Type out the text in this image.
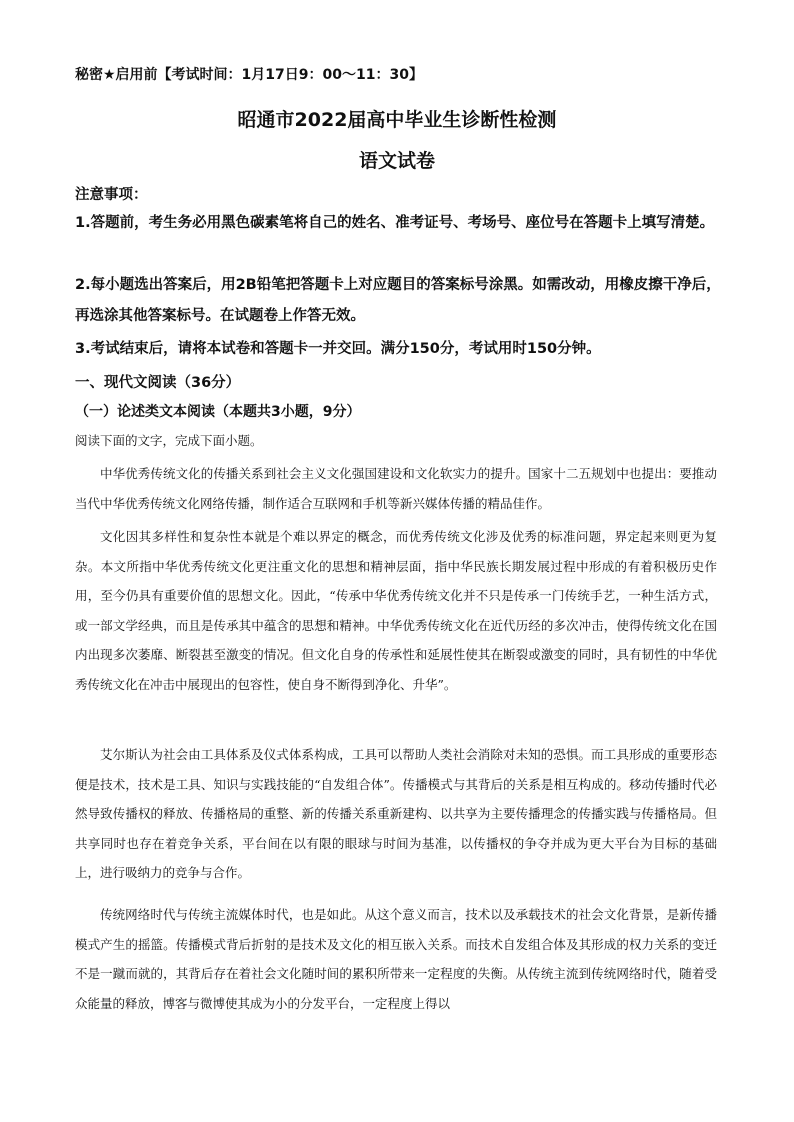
秘密★启用前【考试时间：1月17日9：00～11：30】
昭通市2022届高中毕业生诊断性检测
语文试卷
注意事项：
1.答题前，考生务必用黑色碳素笔将自己的姓名、准考证号、考场号、座位号在答题卡上填写清楚。
2.每小题选出答案后，用2B铅笔把答题卡上对应题目的答案标号涂黑。如需改动，用橡皮擦干净后，再选涂其他答案标号。在试题卷上作答无效。
3.考试结束后，请将本试卷和答题卡一并交回。满分150分，考试用时150分钟。
一、现代文阅读（36分）
（一）论述类文本阅读（本题共3小题，9分）
阅读下面的文字，完成下面小题。
中华优秀传统文化的传播关系到社会主义文化强国建设和文化软实力的提升。国家十二五规划中也提出：要推动当代中华优秀传统文化网络传播，制作适合互联网和手机等新兴媒体传播的精品佳作。
文化因其多样性和复杂性本就是个难以界定的概念，而优秀传统文化涉及优秀的标准问题，界定起来则更为复杂。本文所指中华优秀传统文化更注重文化的思想和精神层面，指中华民族长期发展过程中形成的有着积极历史作用，至今仍具有重要价值的思想文化。因此，“传承中华优秀传统文化并不只是传承一门传统手艺，一种生活方式，或一部文学经典，而且是传承其中蕴含的思想和精神。中华优秀传统文化在近代历经的多次冲击，使得传统文化在国内出现多次萎靡、断裂甚至激变的情况。但文化自身的传承性和延展性使其在断裂或激变的同时，具有韧性的中华优秀传统文化在冲击中展现出的包容性，使自身不断得到净化、升华”。
艾尔斯认为社会由工具体系及仪式体系构成，工具可以帮助人类社会消除对未知的恐惧。而工具形成的重要形态便是技术，技术是工具、知识与实践技能的“自发组合体”。传播模式与其背后的关系是相互构成的。移动传播时代必然导致传播权的释放、传播格局的重整、新的传播关系重新建构、以共享为主要传播理念的传播实践与传播格局。但共享同时也存在着竞争关系，平台间在以有限的眼球与时间为基准，以传播权的争夺并成为更大平台为目标的基础上，进行吸纳力的竞争与合作。
传统网络时代与传统主流媒体时代，也是如此。从这个意义而言，技术以及承载技术的社会文化背景，是新传播模式产生的摇篮。传播模式背后折射的是技术及文化的相互嵌入关系。而技术自发组合体及其形成的权力关系的变迁不是一蹴而就的，其背后存在着社会文化随时间的累积所带来一定程度的失衡。从传统主流到传统网络时代，随着受众能量的释放，博客与微博使其成为小的分发平台，一定程度上得以
